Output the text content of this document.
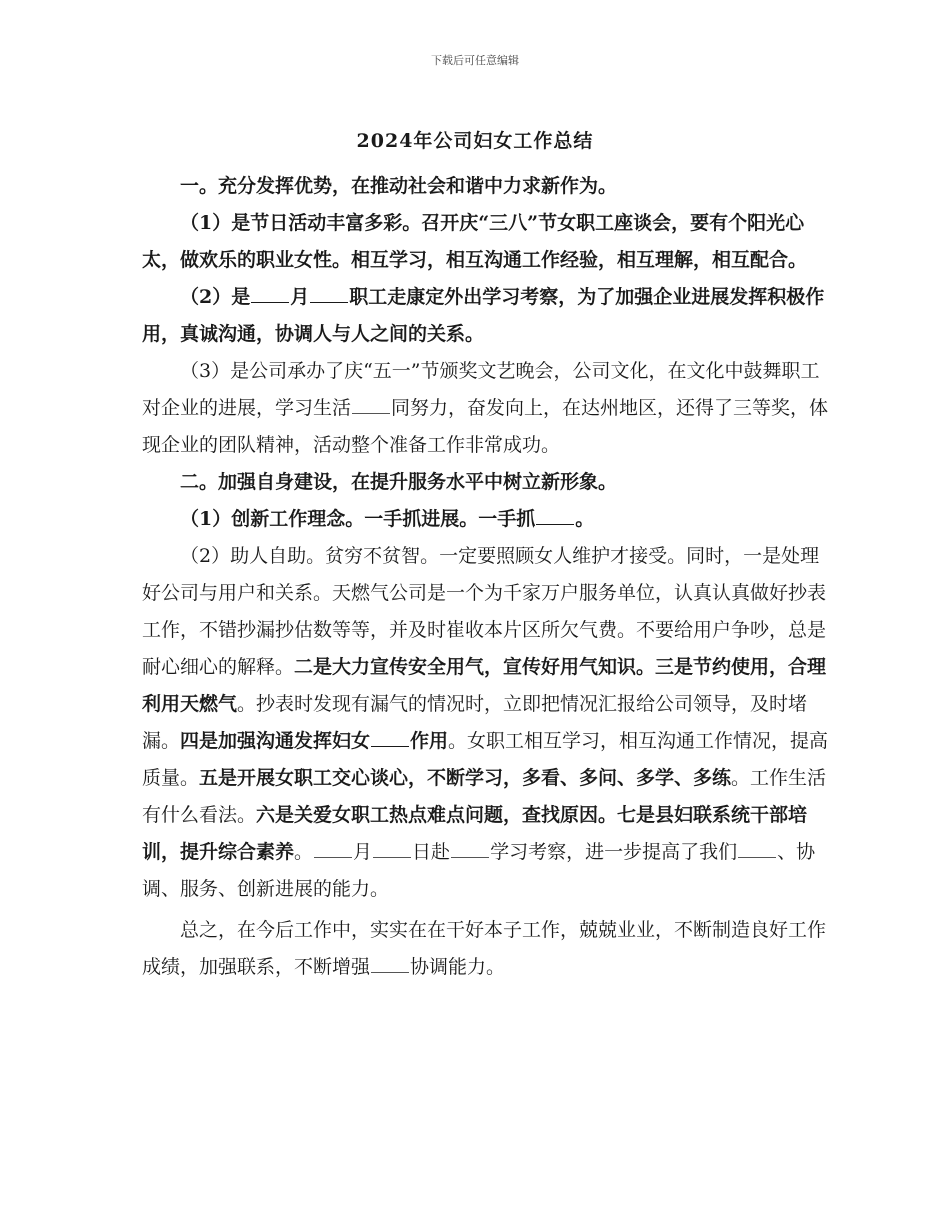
下载后可任意编辑
2024年公司妇女工作总结

一。充分发挥优势，在推动社会和谐中力求新作为。

（1）是节日活动丰富多彩。召开庆“三八”节女职工座谈会，要有个阳光心太，做欢乐的职业女性。相互学习，相互沟通工作经验，相互理解，相互配合。

（2）是 月 职工走康定外出学习考察，为了加强企业进展发挥积极作用，真诚沟通，协调人与人之间的关系。

（3）是公司承办了庆“五一”节颁奖文艺晚会，公司文化，在文化中鼓舞职工对企业的进展，学习生活 同努力，奋发向上，在达州地区，还得了三等奖，体现企业的团队精神，活动整个准备工作非常成功。

二。加强自身建设，在提升服务水平中树立新形象。

（1）创新工作理念。一手抓进展。一手抓 。

（2）助人自助。贫穷不贫智。一定要照顾女人维护才接受。同时，一是处理好公司与用户和关系。天燃气公司是一个为千家万户服务单位，认真认真做好抄表工作，不错抄漏抄估数等等，并及时崔收本片区所欠气费。不要给用户争吵，总是耐心细心的解释。二是大力宣传安全用气，宣传好用气知识。三是节约使用，合理利用天燃气。抄表时发现有漏气的情况时，立即把情况汇报给公司领导，及时堵漏。四是加强沟通发挥妇女 作用。女职工相互学习，相互沟通工作情况，提高质量。五是开展女职工交心谈心，不断学习，多看、多问、多学、多练。工作生活有什么看法。六是关爱女职工热点难点问题，查找原因。七是县妇联系统干部培训，提升综合素养。 月 日赴 学习考察，进一步提高了我们 、协调、服务、创新进展的能力。

总之，在今后工作中，实实在在干好本子工作，兢兢业业，不断制造良好工作成绩，加强联系，不断增强 协调能力。
